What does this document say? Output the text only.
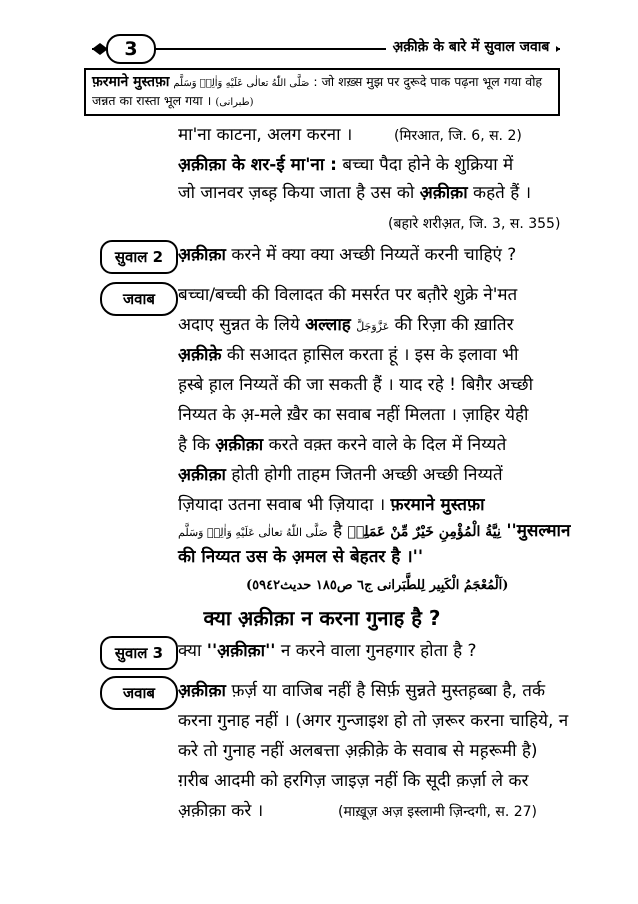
3	अ़क़ीक़े के बारे में सुवाल जवाब
फ़रमाने मुस्तफ़ा صَلَّى اللّٰهُ تعالٰی عَلَيْهِ وَاٰلِهٖ وَسَلَّم : जो शख़्स मुझ पर दुरूदे पाक पढ़ना भूल गया वोह
जन्नत का रास्ता भूल गया । (طبرانی)
मा'ना काटना, अलग करना ।	(मिरआत, जि. 6, स. 2)
अ़क़ीक़ा के शर-ई मा'ना : बच्चा पैदा होने के शुक्रिया में
जो जानवर ज़ब्ह़ किया जाता है उस को अ़क़ीक़ा कहते हैं ।
(बहारे शरीअ़त, जि. 3, स. 355)
सुवाल 2 अ़क़ीक़ा करने में क्या क्या अच्छी निय्यतें करनी चाहिएं ?
जवाब	बच्चा/बच्ची की विलादत की मसर्रत पर बत़ौरे शुक्रे ने'मत
अदाए सुन्नत के लिये अल्लाह عَزَّوَجَلَّ की रिज़ा की ख़ातिर
अ़क़ीक़े की सआदत ह़ासिल करता हूं । इस के इलावा भी
ह़स्बे ह़ाल निय्यतें की जा सकती हैं । याद रहे ! बिग़ैर अच्छी
निय्यत के अ़-मले ख़ैर का सवाब नहीं मिलता । ज़ाहिर येही
है कि अ़क़ीक़ा करते वक़्त करने वाले के दिल में निय्यते
अ़क़ीक़ा होती होगी ताहम जितनी अच्छी अच्छी निय्यतें
ज़ियादा उतना सवाब भी ज़ियादा । फ़रमाने मुस्तफ़ा
صَلَّى اللّٰهُ تعالٰی عَلَيْهِ وَاٰلِهٖ وَسَلَّم है نِيَّةُ الْمُؤْمِنِ خَيْرٌ مِّنْ عَمَلِهٖ ''मुसल्मान
की निय्यत उस के अ़मल से बेहतर है ।''
(اَلْمُعْجَمُ الْكَبِير لِلطَّبَرانی ج٦ ص١٨٥ حديث٥٩٤٢)
क्या अ़क़ीक़ा न करना गुनाह है ?
सुवाल 3 क्या ''अ़क़ीक़ा'' न करने वाला गुनहगार होता है ?
जवाब	अ़क़ीक़ा फ़र्ज़ या वाजिब नहीं है सिर्फ़ सुन्नते मुस्तह़ब्बा है, तर्क
करना गुनाह नहीं । (अगर गुन्जाइश हो तो ज़रूर करना चाहिये, न
करे तो गुनाह नहीं अलबत्ता अ़क़ीक़े के सवाब से मह़रूमी है)
ग़रीब आदमी को हरगिज़ जाइज़ नहीं कि सूदी क़र्ज़ा ले कर
अ़क़ीक़ा करे ।	(माख़ूज़ अज़ इस्लामी ज़िन्दगी, स. 27)
